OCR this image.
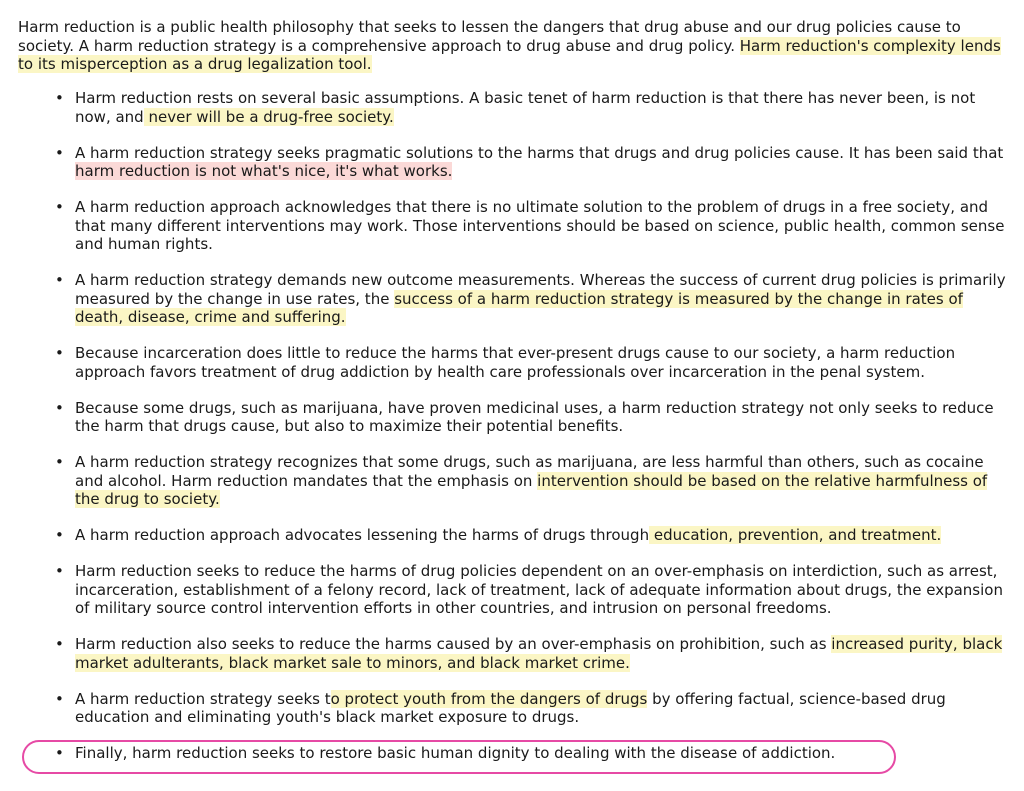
Harm reduction is a public health philosophy that seeks to lessen the dangers that drug abuse and our drug policies cause to society. A harm reduction strategy is a comprehensive approach to drug abuse and drug policy. Harm reduction's complexity lends to its misperception as a drug legalization tool.

• Harm reduction rests on several basic assumptions. A basic tenet of harm reduction is that there has never been, is not now, and never will be a drug-free society.
• A harm reduction strategy seeks pragmatic solutions to the harms that drugs and drug policies cause. It has been said that harm reduction is not what's nice, it's what works.
• A harm reduction approach acknowledges that there is no ultimate solution to the problem of drugs in a free society, and that many different interventions may work. Those interventions should be based on science, public health, common sense and human rights.
• A harm reduction strategy demands new outcome measurements. Whereas the success of current drug policies is primarily measured by the change in use rates, the success of a harm reduction strategy is measured by the change in rates of death, disease, crime and suffering.
• Because incarceration does little to reduce the harms that ever-present drugs cause to our society, a harm reduction approach favors treatment of drug addiction by health care professionals over incarceration in the penal system.
• Because some drugs, such as marijuana, have proven medicinal uses, a harm reduction strategy not only seeks to reduce the harm that drugs cause, but also to maximize their potential benefits.
• A harm reduction strategy recognizes that some drugs, such as marijuana, are less harmful than others, such as cocaine and alcohol. Harm reduction mandates that the emphasis on intervention should be based on the relative harmfulness of the drug to society.
• A harm reduction approach advocates lessening the harms of drugs through education, prevention, and treatment.
• Harm reduction seeks to reduce the harms of drug policies dependent on an over-emphasis on interdiction, such as arrest, incarceration, establishment of a felony record, lack of treatment, lack of adequate information about drugs, the expansion of military source control intervention efforts in other countries, and intrusion on personal freedoms.
• Harm reduction also seeks to reduce the harms caused by an over-emphasis on prohibition, such as increased purity, black market adulterants, black market sale to minors, and black market crime.
• A harm reduction strategy seeks to protect youth from the dangers of drugs by offering factual, science-based drug education and eliminating youth's black market exposure to drugs.
• Finally, harm reduction seeks to restore basic human dignity to dealing with the disease of addiction.
